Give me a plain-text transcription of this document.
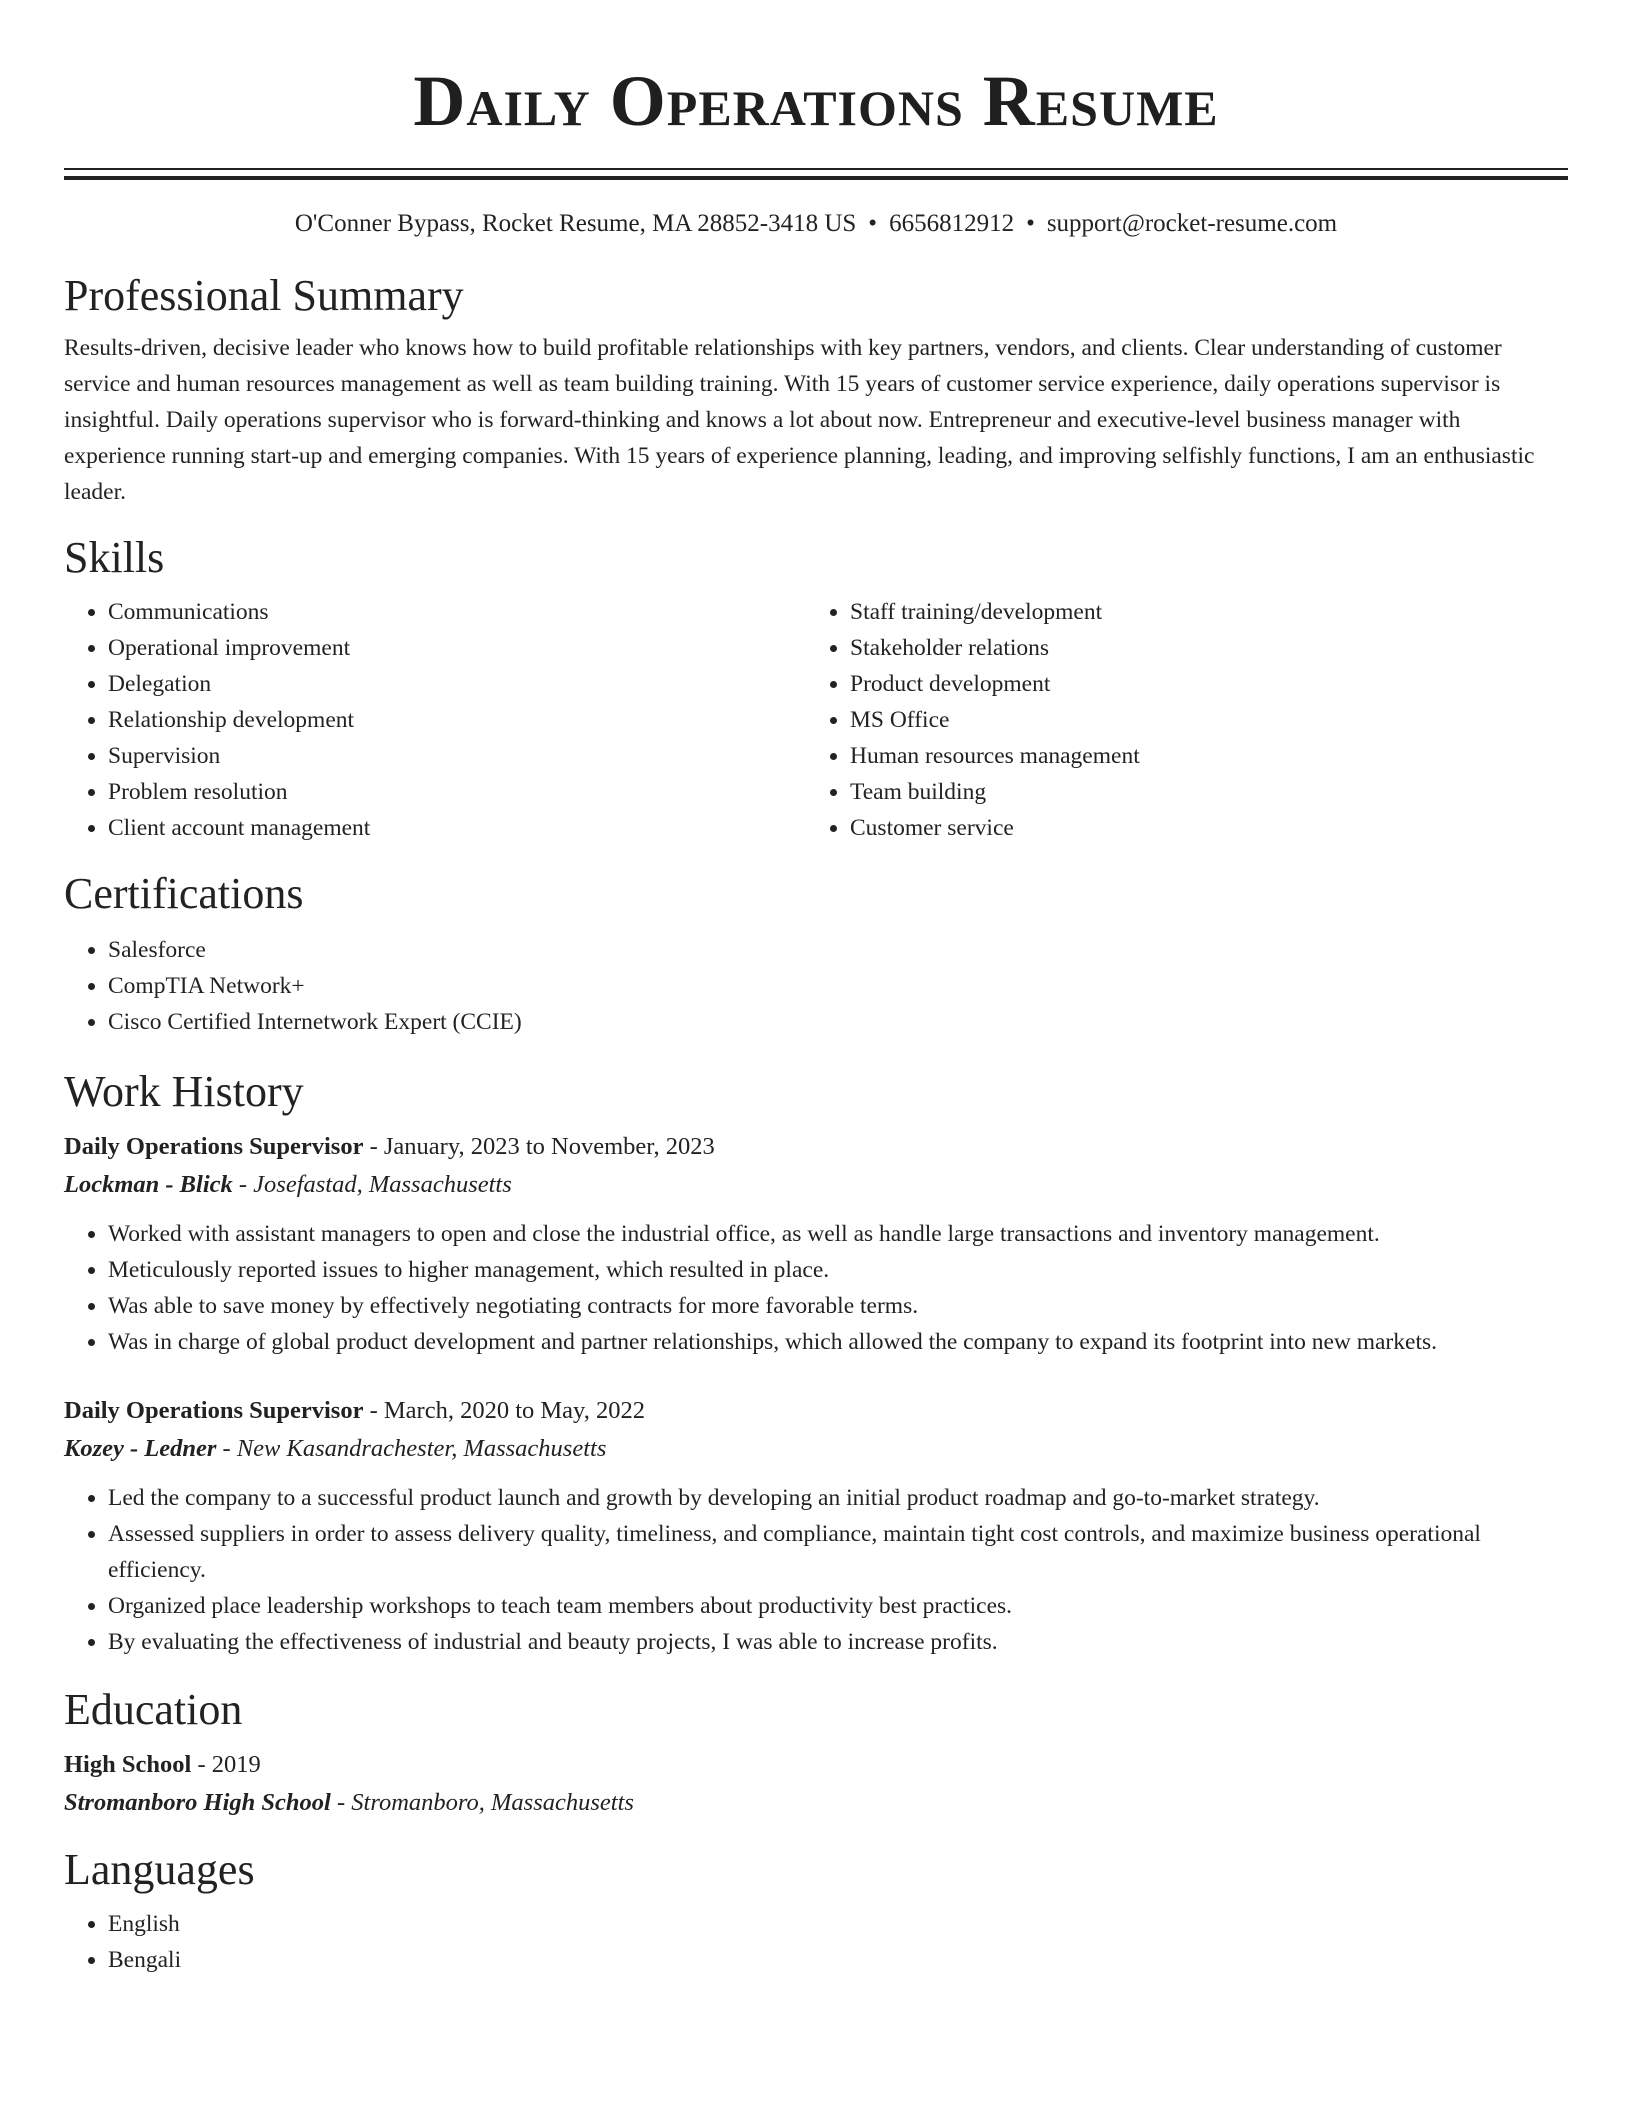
Daily Operations Resume
O'Conner Bypass, Rocket Resume, MA 28852-3418 US • 6656812912 • support@rocket-resume.com
Professional Summary

Results-driven, decisive leader who knows how to build profitable relationships with key partners, vendors, and clients. Clear understanding of customer service and human resources management as well as team building training. With 15 years of customer service experience, daily operations supervisor is insightful. Daily operations supervisor who is forward-thinking and knows a lot about now. Entrepreneur and executive-level business manager with experience running start-up and emerging companies. With 15 years of experience planning, leading, and improving selfishly functions, I am an enthusiastic leader.

Skills
• Communications
• Operational improvement
• Delegation
• Relationship development
• Supervision
• Problem resolution
• Client account management
• Staff training/development
• Stakeholder relations
• Product development
• MS Office
• Human resources management
• Team building
• Customer service
Certifications
• Salesforce
• CompTIA Network+
• Cisco Certified Internetwork Expert (CCIE)
Work History
Daily Operations Supervisor - January, 2023 to November, 2023
Lockman - Blick - Josefastad, Massachusetts
• Worked with assistant managers to open and close the industrial office, as well as handle large transactions and inventory management.
• Meticulously reported issues to higher management, which resulted in place.
• Was able to save money by effectively negotiating contracts for more favorable terms.
• Was in charge of global product development and partner relationships, which allowed the company to expand its footprint into new markets.
Daily Operations Supervisor - March, 2020 to May, 2022
Kozey - Ledner - New Kasandrachester, Massachusetts
• Led the company to a successful product launch and growth by developing an initial product roadmap and go-to-market strategy.
• Assessed suppliers in order to assess delivery quality, timeliness, and compliance, maintain tight cost controls, and maximize business operational efficiency.
• Organized place leadership workshops to teach team members about productivity best practices.
• By evaluating the effectiveness of industrial and beauty projects, I was able to increase profits.
Education
High School - 2019
Stromanboro High School - Stromanboro, Massachusetts
Languages
• English
• Bengali
